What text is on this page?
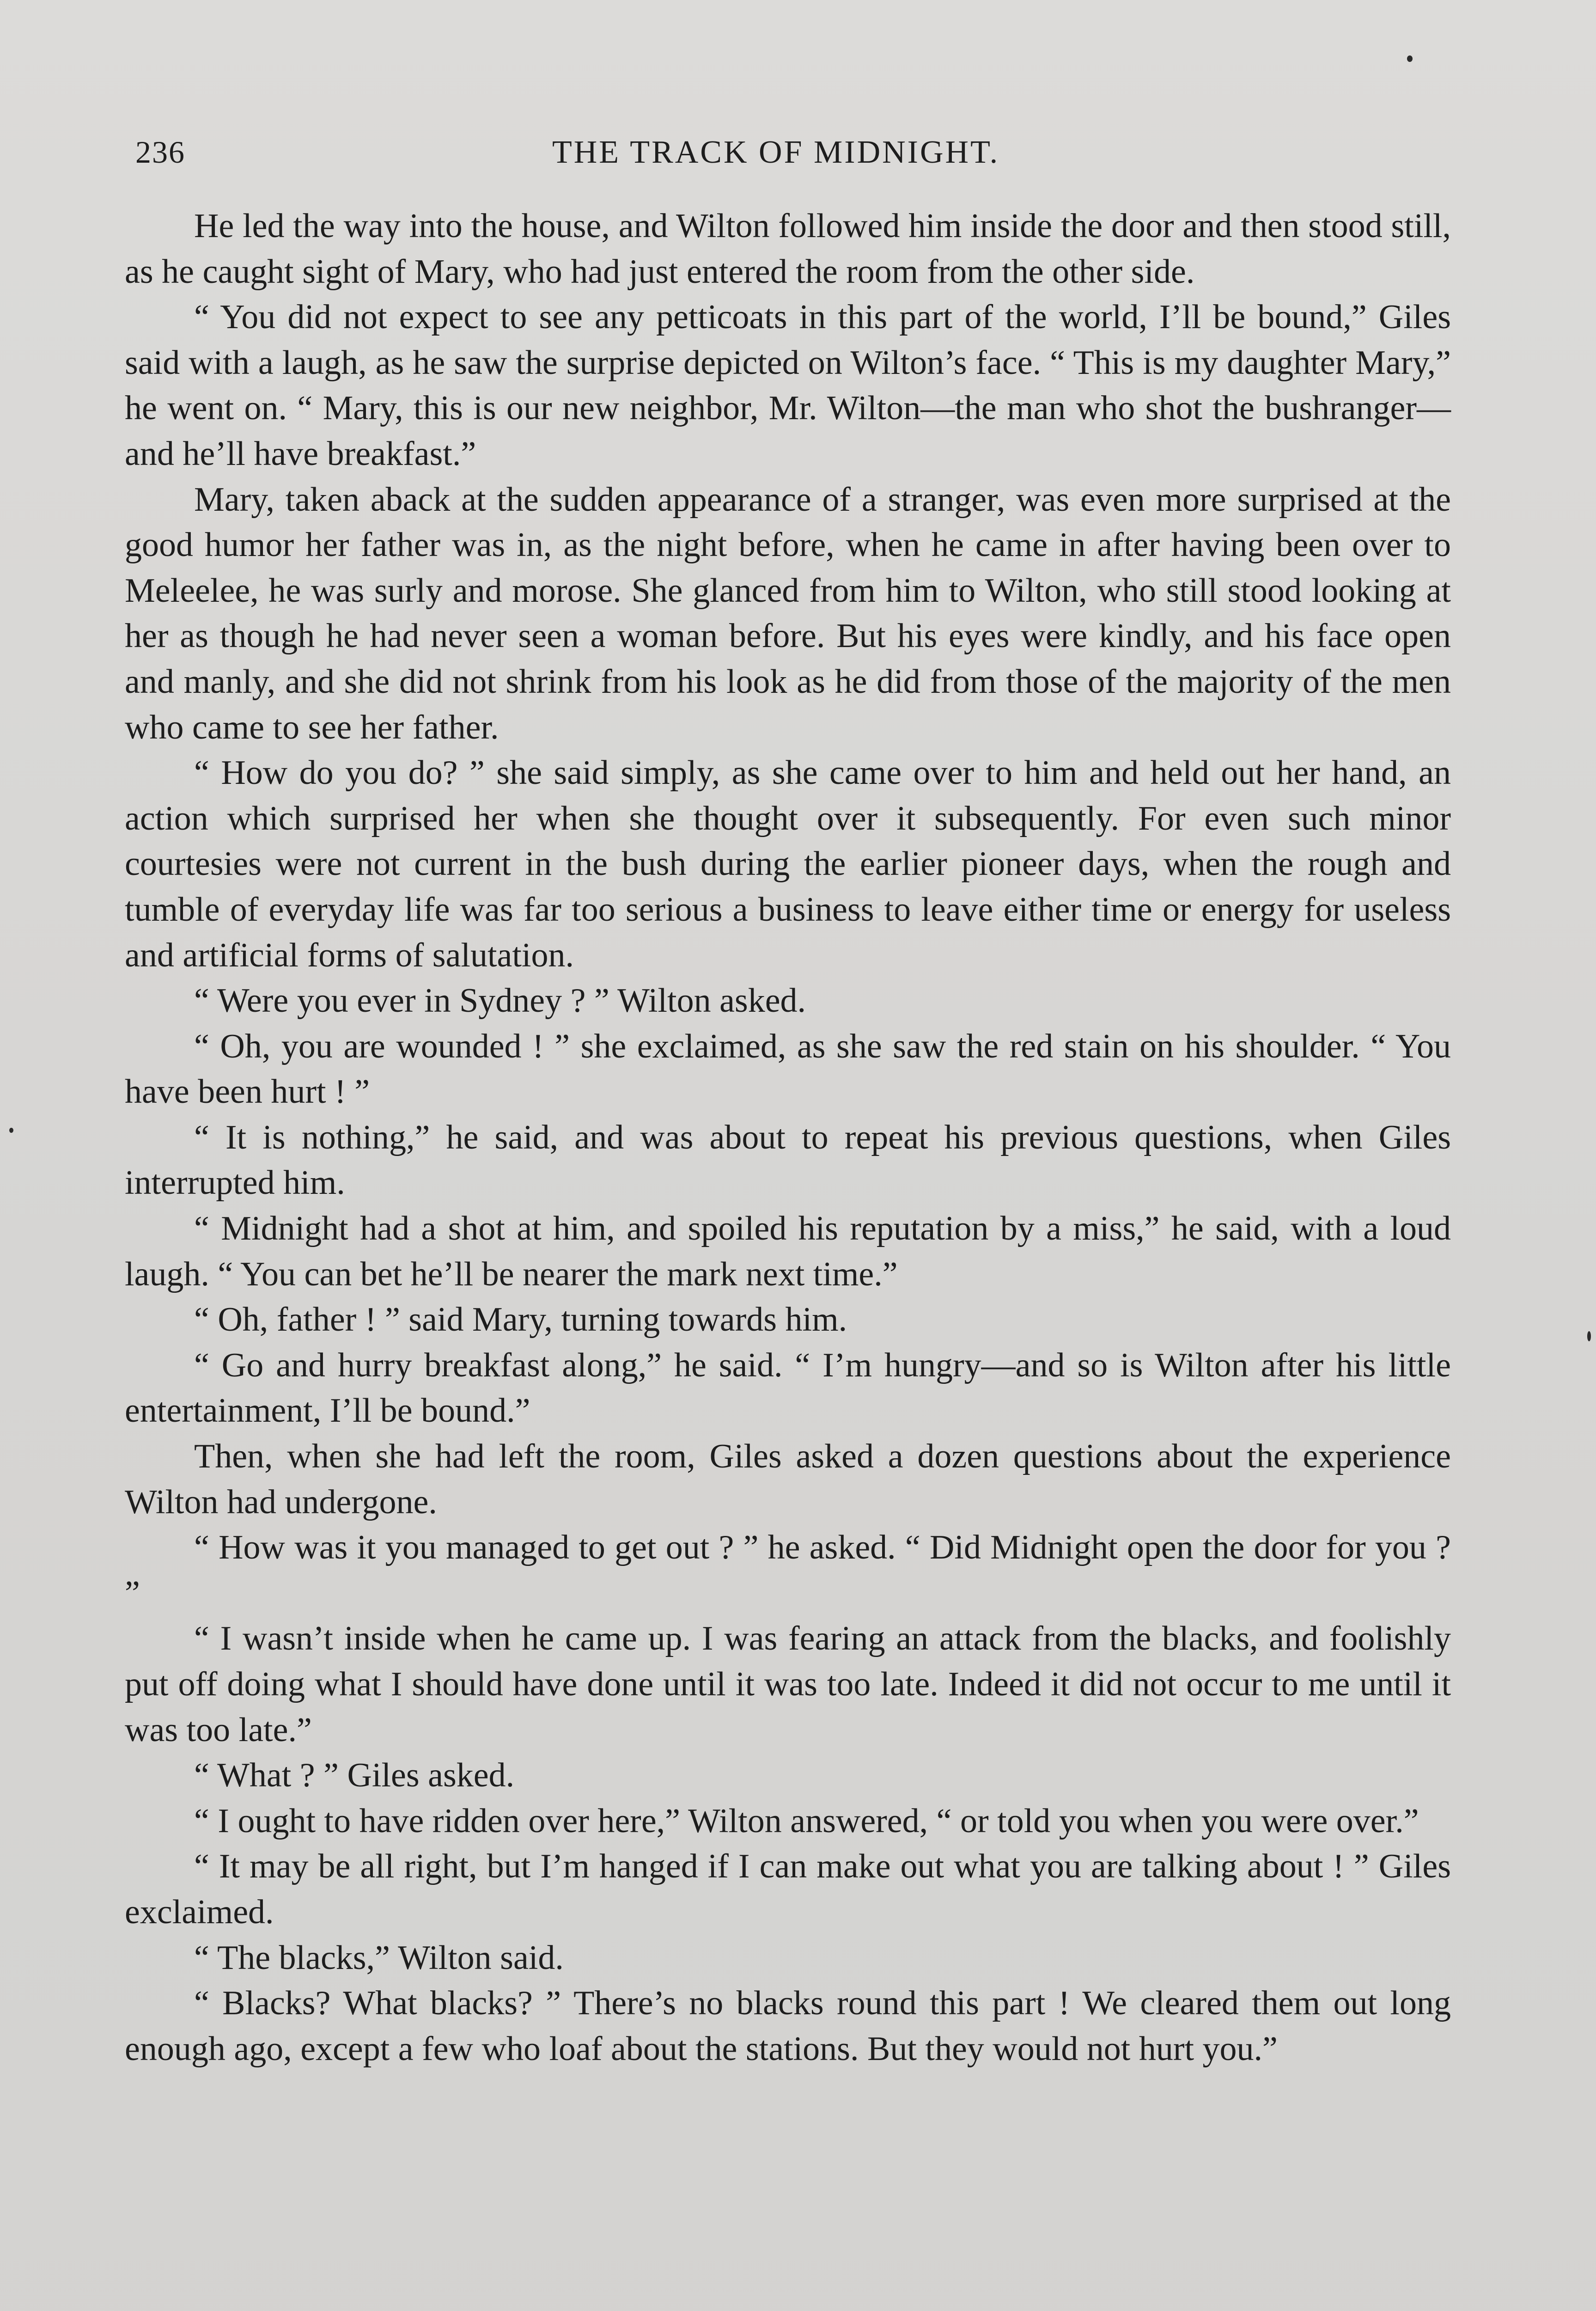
236	THE TRACK OF MIDNIGHT.

He led the way into the house, and Wilton followed him inside the door and then stood still, as he caught sight of Mary, who had just entered the room from the other side.

“ You did not expect to see any petticoats in this part of the world, I’ll be bound,” Giles said with a laugh, as he saw the surprise depicted on Wilton’s face. “ This is my daughter Mary,” he went on. “ Mary, this is our new neighbor, Mr. Wilton—the man who shot the bushranger—and he’ll have breakfast.”

Mary, taken aback at the sudden appearance of a stranger, was even more surprised at the good humor her father was in, as the night before, when he came in after having been over to Meleelee, he was surly and morose. She glanced from him to Wilton, who still stood looking at her as though he had never seen a woman before. But his eyes were kindly, and his face open and manly, and she did not shrink from his look as he did from those of the majority of the men who came to see her father.

“ How do you do? ” she said simply, as she came over to him and held out her hand, an action which surprised her when she thought over it subsequently. For even such minor courtesies were not current in the bush during the earlier pioneer days, when the rough and tumble of everyday life was far too serious a business to leave either time or energy for useless and artificial forms of salutation.

“ Were you ever in Sydney ? ” Wilton asked.

“ Oh, you are wounded ! ” she exclaimed, as she saw the red stain on his shoulder. “ You have been hurt ! ”

“ It is nothing,” he said, and was about to repeat his previous questions, when Giles interrupted him.

“ Midnight had a shot at him, and spoiled his reputation by a miss,” he said, with a loud laugh. “ You can bet he’ll be nearer the mark next time.”

“ Oh, father ! ” said Mary, turning towards him.

“ Go and hurry breakfast along,” he said. “ I’m hungry—and so is Wilton after his little entertainment, I’ll be bound.”

Then, when she had left the room, Giles asked a dozen questions about the experience Wilton had undergone.

“ How was it you managed to get out ? ” he asked. “ Did Midnight open the door for you ? ”

“ I wasn’t inside when he came up. I was fearing an attack from the blacks, and foolishly put off doing what I should have done until it was too late. Indeed it did not occur to me until it was too late.”

“ What ? ” Giles asked.

“ I ought to have ridden over here,” Wilton answered, “ or told you when you were over.”

“ It may be all right, but I’m hanged if I can make out what you are talking about ! ” Giles exclaimed.

“ The blacks,” Wilton said.

“ Blacks? What blacks? ” There’s no blacks round this part ! We cleared them out long enough ago, except a few who loaf about the stations. But they would not hurt you.”
